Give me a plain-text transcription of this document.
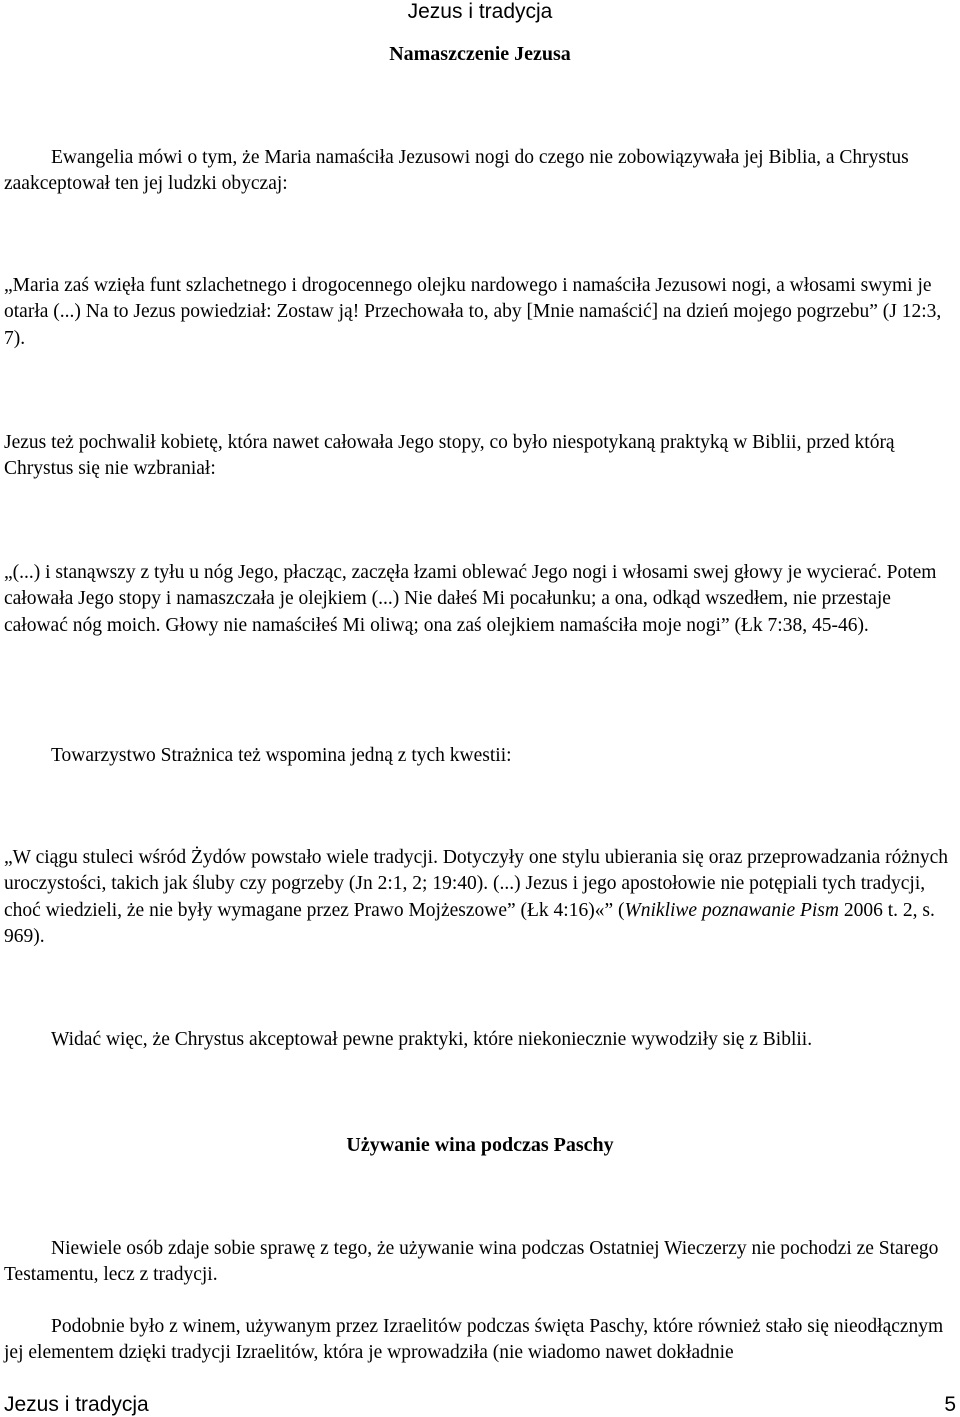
Jezus i tradycja
Namaszczenie Jezusa

Ewangelia mówi o tym, że Maria namaściła Jezusowi nogi do czego nie zobowiązywała jej Biblia, a Chrystus zaakceptował ten jej ludzki obyczaj:

„Maria zaś wzięła funt szlachetnego i drogocennego olejku nardowego i namaściła Jezusowi nogi, a włosami swymi je otarła (...) Na to Jezus powiedział: Zostaw ją! Przechowała to, aby [Mnie namaścić] na dzień mojego pogrzebu” (J 12:3, 7).

Jezus też pochwalił kobietę, która nawet całowała Jego stopy, co było niespotykaną praktyką w Biblii, przed którą Chrystus się nie wzbraniał:

„(...) i stanąwszy z tyłu u nóg Jego, płacząc, zaczęła łzami oblewać Jego nogi i włosami swej głowy je wycierać. Potem całowała Jego stopy i namaszczała je olejkiem (...) Nie dałeś Mi pocałunku; a ona, odkąd wszedłem, nie przestaje całować nóg moich. Głowy nie namaściłeś Mi oliwą; ona zaś olejkiem namaściła moje nogi” (Łk 7:38, 45-46).

Towarzystwo Strażnica też wspomina jedną z tych kwestii:

„W ciągu stuleci wśród Żydów powstało wiele tradycji. Dotyczyły one stylu ubierania się oraz przeprowadzania różnych uroczystości, takich jak śluby czy pogrzeby (Jn 2:1, 2; 19:40). (...) Jezus i jego apostołowie nie potępiali tych tradycji, choć wiedzieli, że nie były wymagane przez Prawo Mojżeszowe” (Łk 4:16)«” (Wnikliwe poznawanie Pism 2006 t. 2, s. 969).

Widać więc, że Chrystus akceptował pewne praktyki, które niekoniecznie wywodziły się z Biblii.

Używanie wina podczas Paschy

Niewiele osób zdaje sobie sprawę z tego, że używanie wina podczas Ostatniej Wieczerzy nie pochodzi ze Starego Testamentu, lecz z tradycji.

Podobnie było z winem, używanym przez Izraelitów podczas święta Paschy, które również stało się nieodłącznym jej elementem dzięki tradycji Izraelitów, która je wprowadziła (nie wiadomo nawet dokładnie

Jezus i tradycja	5
